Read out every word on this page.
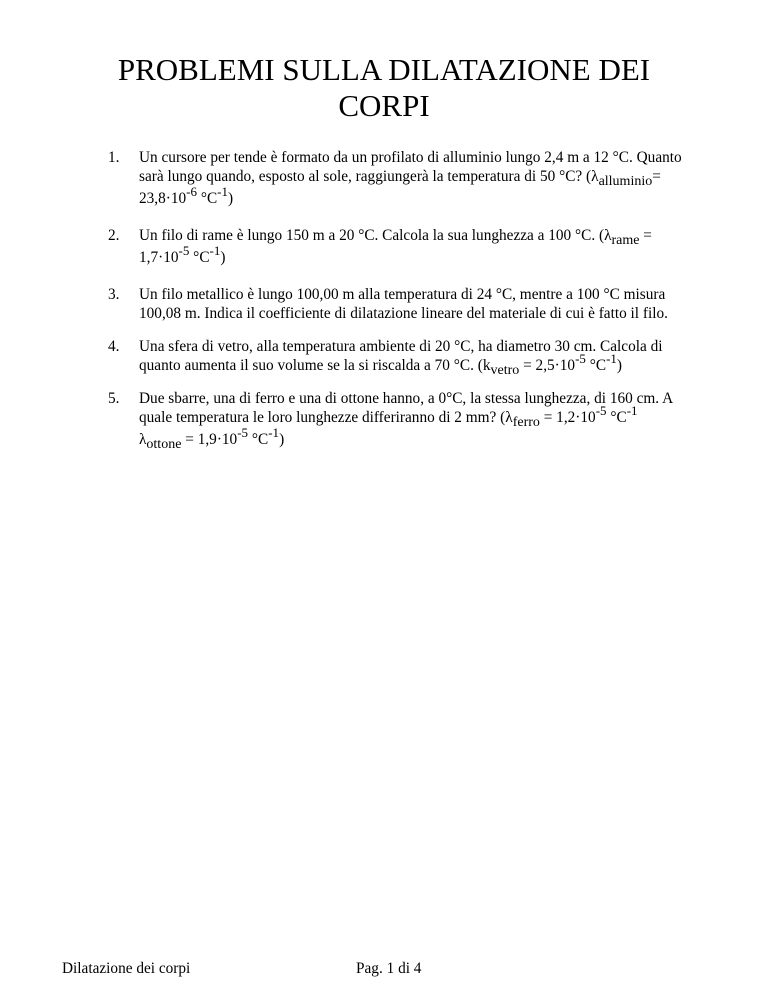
PROBLEMI SULLA DILATAZIONE DEI
CORPI
1. Un cursore per tende è formato da un profilato di alluminio lungo 2,4 m a 12 °C. Quanto
sarà lungo quando, esposto al sole, raggiungerà la temperatura di 50 °C? ($\lambda_{alluminio}=$
$23,8\cdot 10^{-6}$ $^\circ C^{-1}$)
2. Un filo di rame è lungo 150 m a 20 °C. Calcola la sua lunghezza a 100 °C. ($\lambda_{rame}$ =
$1,7\cdot 10^{-5}$ $^\circ C^{-1}$)
3. Un filo metallico è lungo 100,00 m alla temperatura di 24 °C, mentre a 100 °C misura
100,08 m. Indica il coefficiente di dilatazione lineare del materiale di cui è fatto il filo.
4. Una sfera di vetro, alla temperatura ambiente di 20 °C, ha diametro 30 cm. Calcola di
quanto aumenta il suo volume se la si riscalda a 70 °C. ($k_{vetro} = 2,5\cdot 10^{-5}$ $^\circ C^{-1}$)
5. Due sbarre, una di ferro e una di ottone hanno, a 0°C, la stessa lunghezza, di 160 cm. A
quale temperatura le loro lunghezze differiranno di 2 mm? ($\lambda_{ferro} = 1,2\cdot 10^{-5}$ $^\circ C^{-1}$
$\lambda_{ottone} = 1,9\cdot 10^{-5}$ $^\circ C^{-1}$)
Dilatazione dei corpi	Pag. 1 di 4
